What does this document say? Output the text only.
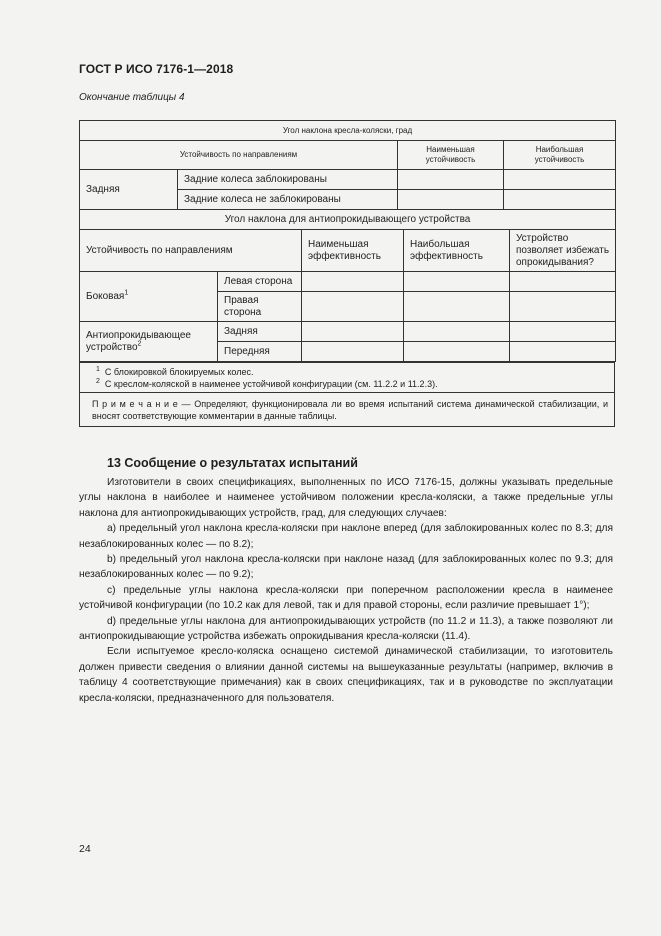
ГОСТ Р ИСО 7176-1—2018
Окончание таблицы 4
Угол наклона кресла-коляски, град			
Устойчивость по направлениям		Наименьшая устойчивость	Наибольшая устойчивость
Задняя	Задние колеса заблокированы		
	Задние колеса не заблокированы		
Угол наклона для антиопрокидывающего устройства				
Устойчивость по направлениям		Наименьшая эффективность	Наибольшая эффективность	Устройство позволяет избежать опрокидывания?
Боковая$^1$	Левая сторона			
	Правая сторона			
Антиопрокидывающее устройство$^2$	Задняя			
	Передняя			
$^1$ С блокировкой блокируемых колес.
$^2$ С креслом-коляской в наименее устойчивой конфигурации (см. 11.2.2 и 11.2.3).

П р и м е ч а н и е — Определяют, функционировала ли во время испытаний система динамической стабилизации, и вносят соответствующие комментарии в данные таблицы.
13 Сообщение о результатах испытаний

Изготовители в своих спецификациях, выполненных по ИСО 7176-15, должны указывать предельные углы наклона в наиболее и наименее устойчивом положении кресла-коляски, а также предельные углы наклона для антиопрокидывающих устройств, град, для следующих случаев:

a) предельный угол наклона кресла-коляски при наклоне вперед (для заблокированных колес по 8.3; для незаблокированных колес — по 8.2);

b) предельный угол наклона кресла-коляски при наклоне назад (для заблокированных колес по 9.3; для незаблокированных колес — по 9.2);

c) предельные углы наклона кресла-коляски при поперечном расположении кресла в наименее устойчивой конфигурации (по 10.2 как для левой, так и для правой стороны, если различие превышает 1°);

d) предельные углы наклона для антиопрокидывающих устройств (по 11.2 и 11.3), а также позволяют ли антиопрокидывающие устройства избежать опрокидывания кресла-коляски (11.4).

Если испытуемое кресло-коляска оснащено системой динамической стабилизации, то изготовитель должен привести сведения о влиянии данной системы на вышеуказанные результаты (например, включив в таблицу 4 соответствующие примечания) как в своих спецификациях, так и в руководстве по эксплуатации кресла-коляски, предназначенного для пользователя.

24
